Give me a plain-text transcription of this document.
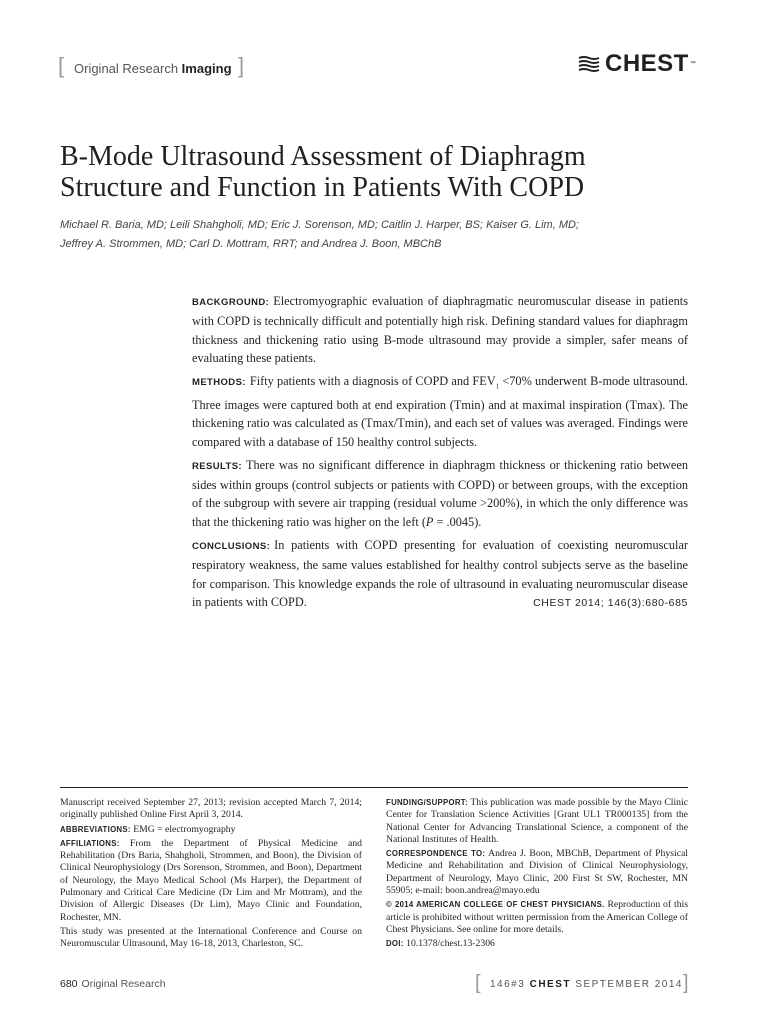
[ Original Research Imaging ]	CHEST™
B-Mode Ultrasound Assessment of Diaphragm
Structure and Function in Patients With COPD
Michael R. Baria, MD; Leili Shahgholi, MD; Eric J. Sorenson, MD; Caitlin J. Harper, BS; Kaiser G. Lim, MD;
Jeffrey A. Strommen, MD; Carl D. Mottram, RRT; and Andrea J. Boon, MBChB

BACKGROUND: Electromyographic evaluation of diaphragmatic neuromuscular disease in patients with COPD is technically difficult and potentially high risk. Defining standard values for diaphragm thickness and thickening ratio using B-mode ultrasound may provide a simpler, safer means of evaluating these patients.

METHODS: Fifty patients with a diagnosis of COPD and $FEV_1 <70\%$ underwent B-mode ultrasound. Three images were captured both at end expiration (Tmin) and at maximal inspiration (Tmax). The thickening ratio was calculated as (Tmax/Tmin), and each set of values was averaged. Findings were compared with a database of 150 healthy control subjects.

RESULTS: There was no significant difference in diaphragm thickness or thickening ratio between sides within groups (control subjects or patients with COPD) or between groups, with the exception of the subgroup with severe air trapping (residual volume >200%), in which the only difference was that the thickening ratio was higher on the left (P = .0045).

CONCLUSIONS: In patients with COPD presenting for evaluation of coexisting neuromuscular respiratory weakness, the same values established for healthy control subjects serve as the baseline for comparison. This knowledge expands the role of ultrasound in evaluating neuromuscular disease in patients with COPD.	CHEST 2014; 146(3):680-685

Manuscript received September 27, 2013; revision accepted March 7, 2014; originally published Online First April 3, 2014.

ABBREVIATIONS: EMG = electromyography

AFFILIATIONS: From the Department of Physical Medicine and Rehabilitation (Drs Baria, Shahgholi, Strommen, and Boon), the Division of Clinical Neurophysiology (Drs Sorenson, Strommen, and Boon), Department of Neurology, the Mayo Medical School (Ms Harper), the Department of Pulmonary and Critical Care Medicine (Dr Lim and Mr Mottram), and the Division of Allergic Diseases (Dr Lim), Mayo Clinic and Foundation, Rochester, MN.

This study was presented at the International Conference and Course on Neuromuscular Ultrasound, May 16-18, 2013, Charleston, SC.

FUNDING/SUPPORT: This publication was made possible by the Mayo Clinic Center for Translation Science Activities [Grant UL1 TR000135] from the National Center for Advancing Translational Science, a component of the National Institutes of Health.

CORRESPONDENCE TO: Andrea J. Boon, MBChB, Department of Physical Medicine and Rehabilitation and Division of Clinical Neurophysiology, Department of Neurology, Mayo Clinic, 200 First St SW, Rochester, MN 55905; e-mail: boon.andrea@mayo.edu

© 2014 AMERICAN COLLEGE OF CHEST PHYSICIANS. Reproduction of this article is prohibited without written permission from the American College of Chest Physicians. See online for more details.

DOI: 10.1378/chest.13-2306

680 Original Research	[ 146#3 CHEST SEPTEMBER 2014 ]
